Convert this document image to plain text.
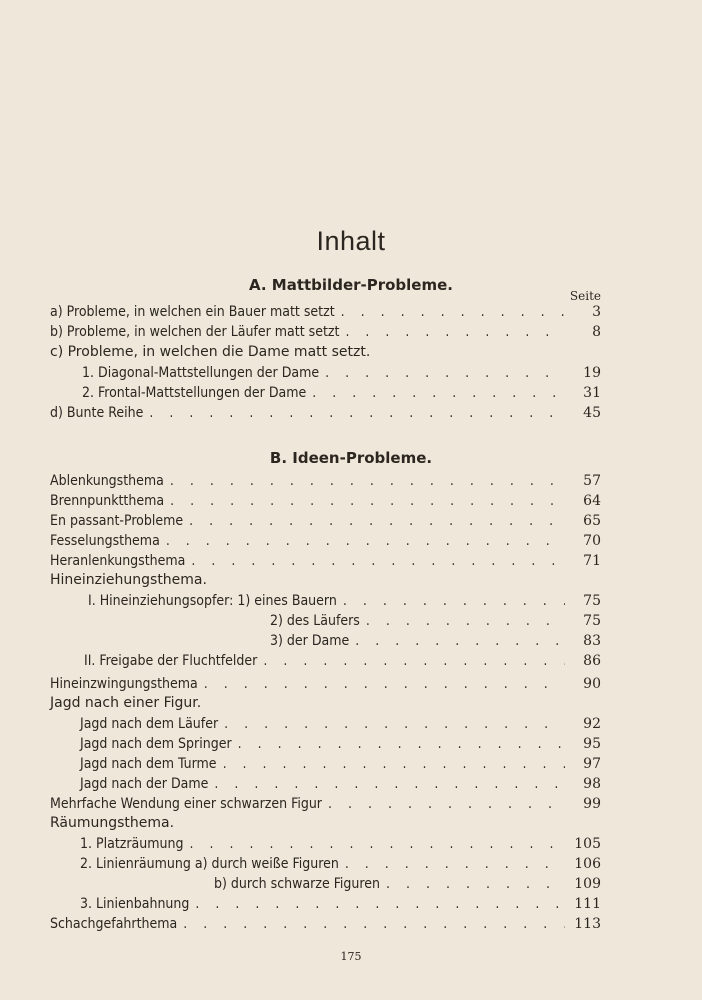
Inhalt
A. Mattbilder-Probleme.
Seite
a) Probleme, in welchen ein Bauer matt setzt . . .	3
b) Probleme, in welchen der Läufer matt setzt . . .	8
c) Probleme, in welchen die Dame matt setzt.
1. Diagonal-Mattstellungen der Dame . . .	19
2. Frontal-Mattstellungen der Dame . . .	31
d) Bunte Reihe . . .	45
B. Ideen-Probleme.
Ablenkungsthema . . .	57
Brennpunktthema . . .	64
En passant-Probleme . . .	65
Fesselungsthema . . .	70
Heranlenkungsthema . . .	71
Hineinziehungsthema.
I. Hineinziehungsopfer: 1) eines Bauern . . .	75
2) des Läufers . . .	75
3) der Dame . . .	83
II. Freigabe der Fluchtfelder . . .	86
Hineinzwingungsthema . . .	90
Jagd nach einer Figur.
Jagd nach dem Läufer . . .	92
Jagd nach dem Springer . . .	95
Jagd nach dem Turme . . .	97
Jagd nach der Dame . . .	98
Mehrfache Wendung einer schwarzen Figur . . .	99
Räumungsthema.
1. Platzräumung . . .	105
2. Linienräumung a) durch weiße Figuren . . .	106
b) durch schwarze Figuren . . .	109
3. Linienbahnung . . .	111
Schachgefahrthema . . .	113
175
